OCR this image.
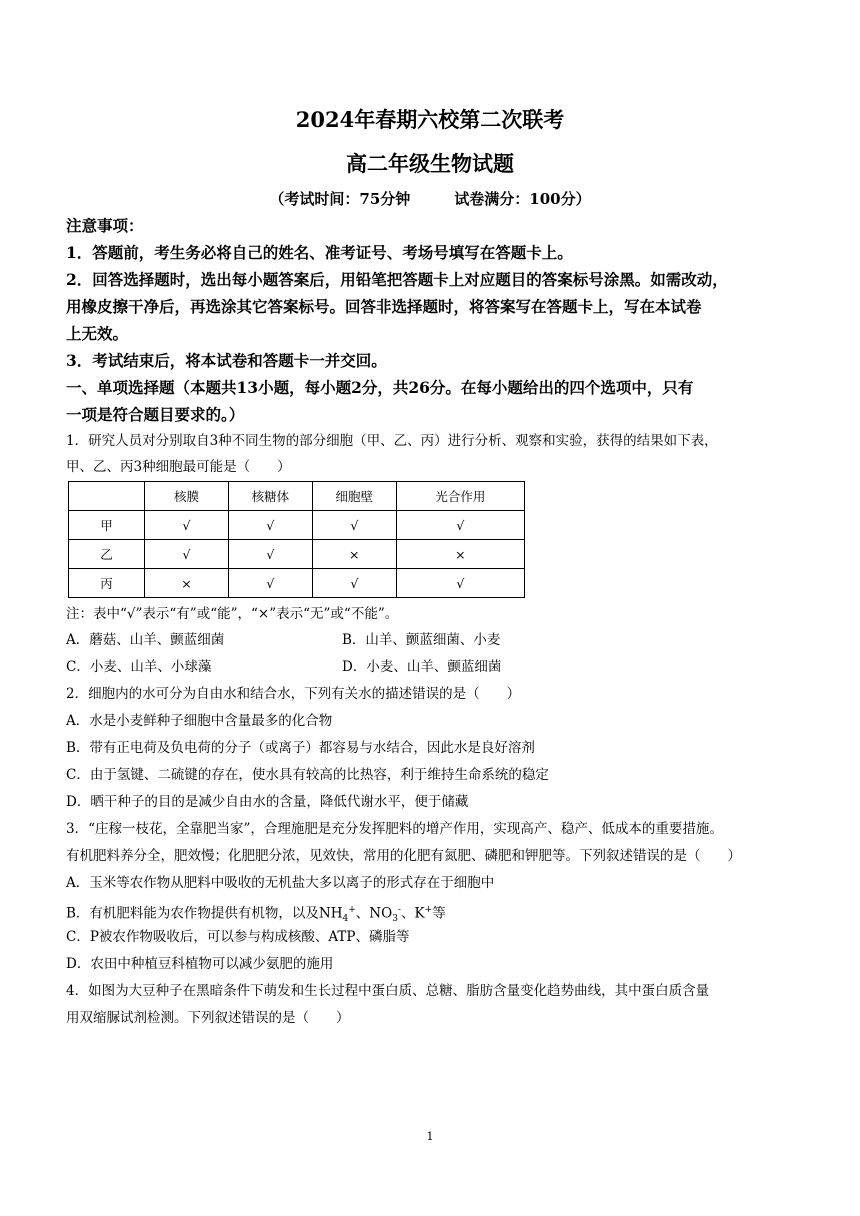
2024年春期六校第二次联考
高二年级生物试题
（考试时间：75分钟	试卷满分：100分）
注意事项：
1．答题前，考生务必将自己的姓名、准考证号、考场号填写在答题卡上。
2．回答选择题时，选出每小题答案后，用铅笔把答题卡上对应题目的答案标号涂黑。如需改动，
用橡皮擦干净后，再选涂其它答案标号。回答非选择题时，将答案写在答题卡上，写在本试卷
上无效。
3．考试结束后，将本试卷和答题卡一并交回。
一、单项选择题（本题共13小题，每小题2分，共26分。在每小题给出的四个选项中，只有
一项是符合题目要求的。）
1．研究人员对分别取自3种不同生物的部分细胞（甲、乙、丙）进行分析、观察和实验，获得的结果如下表，
甲、乙、丙3种细胞最可能是（　　）
	核膜	核糖体	细胞壁	光合作用
甲	√	√	√	√
乙	√	√	×	×
丙	×	√	√	√
注：表中“√”表示“有”或“能”，“×”表示“无”或“不能”。
A．蘑菇、山羊、颤蓝细菌	B．山羊、颤蓝细菌、小麦
C．小麦、山羊、小球藻	D．小麦、山羊、颤蓝细菌
2．细胞内的水可分为自由水和结合水，下列有关水的描述错误的是（　　）
A．水是小麦鲜种子细胞中含量最多的化合物
B．带有正电荷及负电荷的分子（或离子）都容易与水结合，因此水是良好溶剂
C．由于氢键、二硫键的存在，使水具有较高的比热容，利于维持生命系统的稳定
D．晒干种子的目的是减少自由水的含量，降低代谢水平，便于储藏
3．“庄稼一枝花，全靠肥当家”，合理施肥是充分发挥肥料的增产作用，实现高产、稳产、低成本的重要措施。
有机肥料养分全，肥效慢；化肥肥分浓，见效快，常用的化肥有氮肥、磷肥和钾肥等。下列叙述错误的是（　　）
A．玉米等农作物从肥料中吸收的无机盐大多以离子的形式存在于细胞中
B．有机肥料能为农作物提供有机物，以及$NH_4^+$、$NO_3^-$、K+等
C．P被农作物吸收后，可以参与构成核酸、ATP、磷脂等
D．农田中种植豆科植物可以减少氨肥的施用
4．如图为大豆种子在黑暗条件下萌发和生长过程中蛋白质、总糖、脂肪含量变化趋势曲线，其中蛋白质含量
用双缩脲试剂检测。下列叙述错误的是（　　）
1
